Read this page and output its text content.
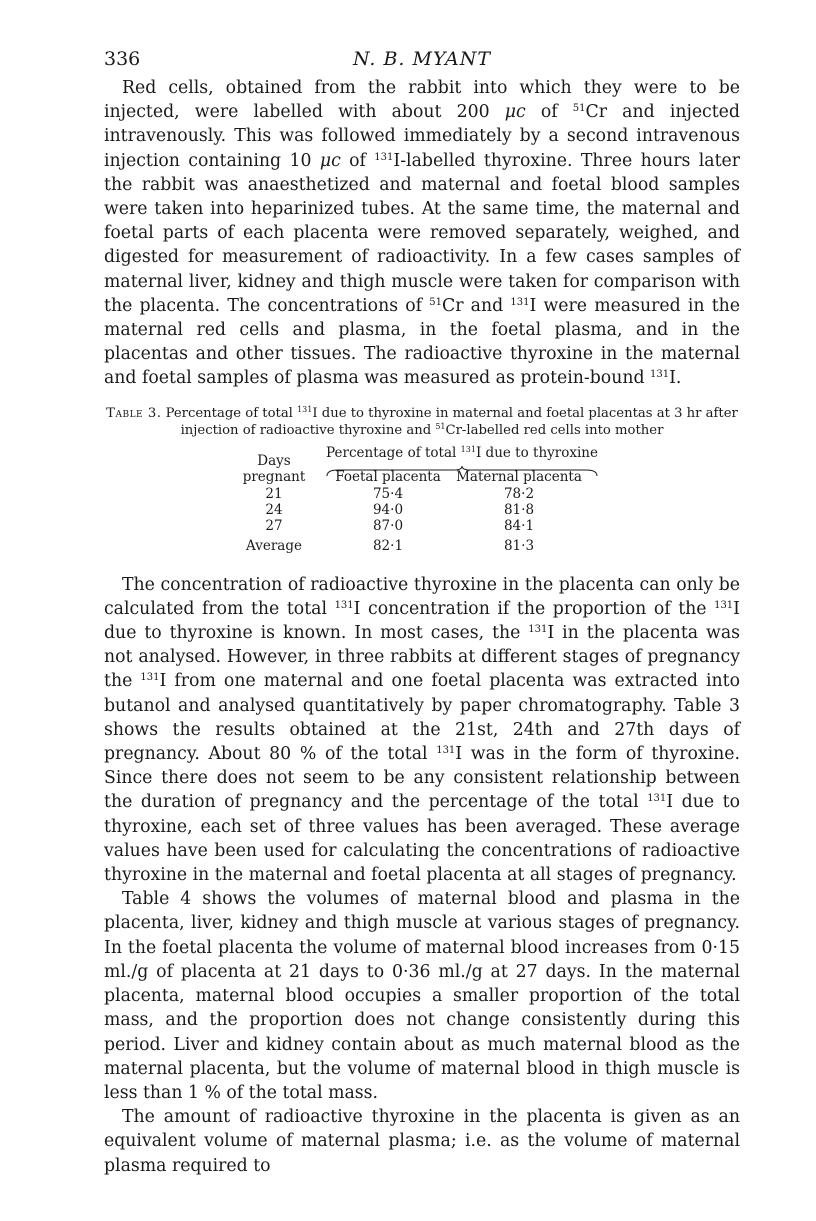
336	N. B. MYANT

Red cells, obtained from the rabbit into which they were to be injected, were labelled with about 200 μc of $^{51}$Cr and injected intravenously. This was followed immediately by a second intravenous injection containing 10 μc of $^{131}$I-labelled thyroxine. Three hours later the rabbit was anaesthetized and maternal and foetal blood samples were taken into heparinized tubes. At the same time, the maternal and foetal parts of each placenta were removed separately, weighed, and digested for measurement of radioactivity. In a few cases samples of maternal liver, kidney and thigh muscle were taken for comparison with the placenta. The concentrations of $^{51}$Cr and $^{131}$I were measured in the maternal red cells and plasma, in the foetal plasma, and in the placentas and other tissues. The radioactive thyroxine in the maternal and foetal samples of plasma was measured as protein-bound $^{131}$I.

Table 3. Percentage of total $^{131}$I due to thyroxine in maternal and foetal placentas at 3 hr after injection of radioactive thyroxine and $^{51}$Cr-labelled red cells into mother
Percentage of total $^{131}$I due to thyroxine
Days
pregnant	Foetal placenta	Maternal placenta
21	75·4	78·2
24	94·0	81·8
27	87·0	84·1
Average	82·1	81·3

The concentration of radioactive thyroxine in the placenta can only be calculated from the total $^{131}$I concentration if the proportion of the $^{131}$I due to thyroxine is known. In most cases, the $^{131}$I in the placenta was not analysed. However, in three rabbits at different stages of pregnancy the $^{131}$I from one maternal and one foetal placenta was extracted into butanol and analysed quantitatively by paper chromatography. Table 3 shows the results obtained at the 21st, 24th and 27th days of pregnancy. About 80 % of the total $^{131}$I was in the form of thyroxine. Since there does not seem to be any consistent relationship between the duration of pregnancy and the percentage of the total $^{131}$I due to thyroxine, each set of three values has been averaged. These average values have been used for calculating the concentrations of radioactive thyroxine in the maternal and foetal placenta at all stages of pregnancy.

Table 4 shows the volumes of maternal blood and plasma in the placenta, liver, kidney and thigh muscle at various stages of pregnancy. In the foetal placenta the volume of maternal blood increases from 0·15 ml./g of placenta at 21 days to 0·36 ml./g at 27 days. In the maternal placenta, maternal blood occupies a smaller proportion of the total mass, and the proportion does not change consistently during this period. Liver and kidney contain about as much maternal blood as the maternal placenta, but the volume of maternal blood in thigh muscle is less than 1 % of the total mass.

The amount of radioactive thyroxine in the placenta is given as an equivalent volume of maternal plasma; i.e. as the volume of maternal plasma required to
